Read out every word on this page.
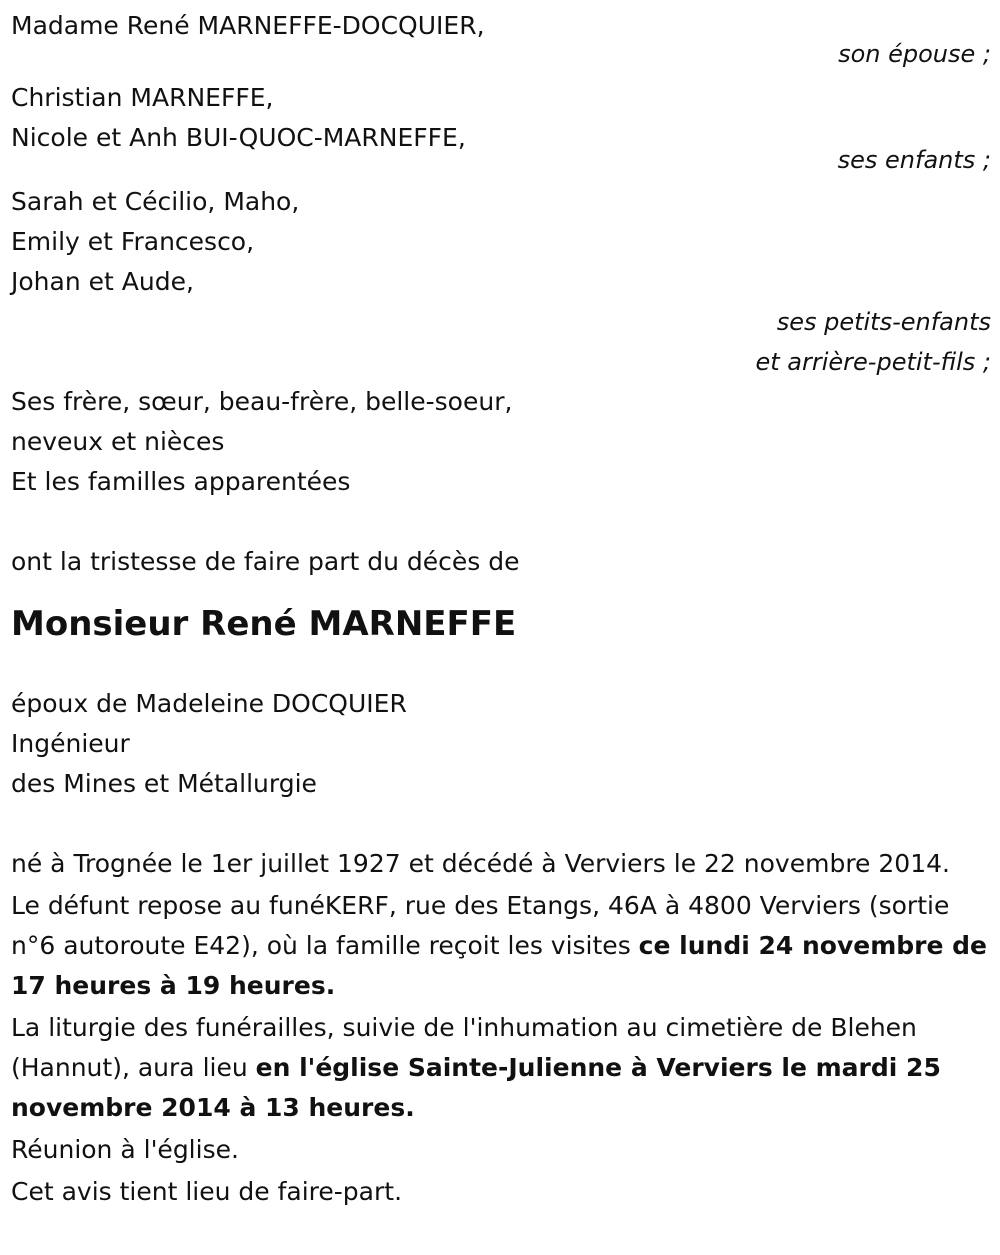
Madame René MARNEFFE-DOCQUIER,
son épouse ;
Christian MARNEFFE,
Nicole et Anh BUI-QUOC-MARNEFFE,
ses enfants ;
Sarah et Cécilio, Maho,
Emily et Francesco,
Johan et Aude,
ses petits-enfants
et arrière-petit-fils ;
Ses frère, sœur, beau-frère, belle-soeur,
neveux et nièces
Et les familles apparentées
ont la tristesse de faire part du décès de
Monsieur René MARNEFFE
époux de Madeleine DOCQUIER
Ingénieur
des Mines et Métallurgie
né à Trognée le 1er juillet 1927 et décédé à Verviers le 22 novembre 2014.
Le défunt repose au funéKERF, rue des Etangs, 46A à 4800 Verviers (sortie n°6 autoroute E42), où la famille reçoit les visites ce lundi 24 novembre de 17 heures à 19 heures.
La liturgie des funérailles, suivie de l'inhumation au cimetière de Blehen (Hannut), aura lieu en l'église Sainte-Julienne à Verviers le mardi 25 novembre 2014 à 13 heures.
Réunion à l'église.
Cet avis tient lieu de faire-part.
